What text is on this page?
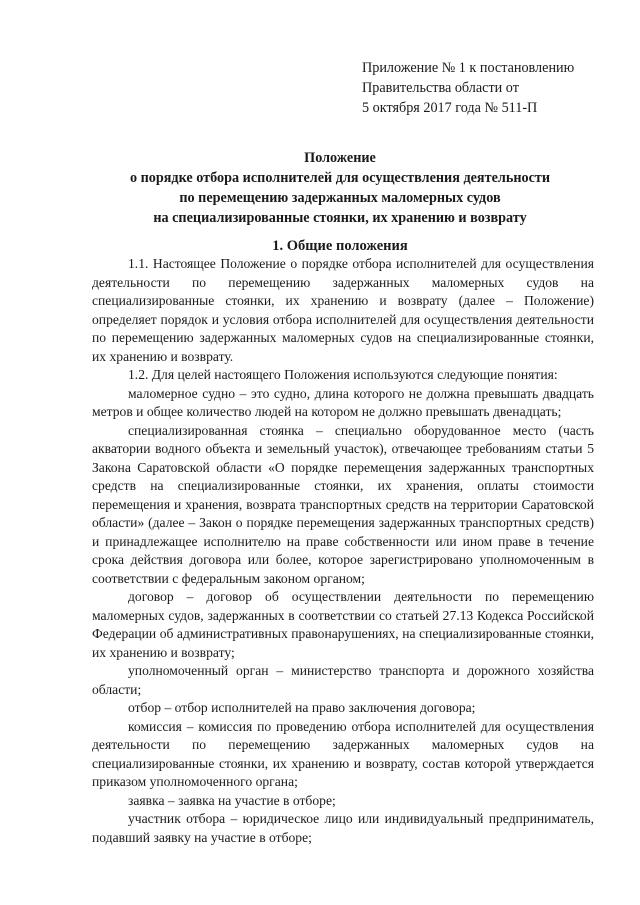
Приложение № 1 к постановлению
Правительства области от
5 октября 2017 года № 511-П
Положение
о порядке отбора исполнителей для осуществления деятельности
по перемещению задержанных маломерных судов
на специализированные стоянки, их хранению и возврату
1. Общие положения

1.1. Настоящее Положение о порядке отбора исполнителей для осуществления деятельности по перемещению задержанных маломерных судов на специализированные стоянки, их хранению и возврату (далее – Положение) определяет порядок и условия отбора исполнителей для осуществления деятельности по перемещению задержанных маломерных судов на специализированные стоянки, их хранению и возврату.

1.2. Для целей настоящего Положения используются следующие понятия:

маломерное судно – это судно, длина которого не должна превышать двадцать метров и общее количество людей на котором не должно превышать двенадцать;

специализированная стоянка – специально оборудованное место (часть акватории водного объекта и земельный участок), отвечающее требованиям статьи 5 Закона Саратовской области «О порядке перемещения задержанных транспортных средств на специализированные стоянки, их хранения, оплаты стоимости перемещения и хранения, возврата транспортных средств на территории Саратовской области» (далее – Закон о порядке перемещения задержанных транспортных средств) и принадлежащее исполнителю на праве собственности или ином праве в течение срока действия договора или более, которое зарегистрировано уполномоченным в соответствии с федеральным законом органом;

договор – договор об осуществлении деятельности по перемещению маломерных судов, задержанных в соответствии со статьей 27.13 Кодекса Российской Федерации об административных правонарушениях, на специализированные стоянки, их хранению и возврату;

уполномоченный орган – министерство транспорта и дорожного хозяйства области;

отбор – отбор исполнителей на право заключения договора;

комиссия – комиссия по проведению отбора исполнителей для осуществления деятельности по перемещению задержанных маломерных судов на специализированные стоянки, их хранению и возврату, состав которой утверждается приказом уполномоченного органа;

заявка – заявка на участие в отборе;

участник отбора – юридическое лицо или индивидуальный предприниматель, подавший заявку на участие в отборе;
